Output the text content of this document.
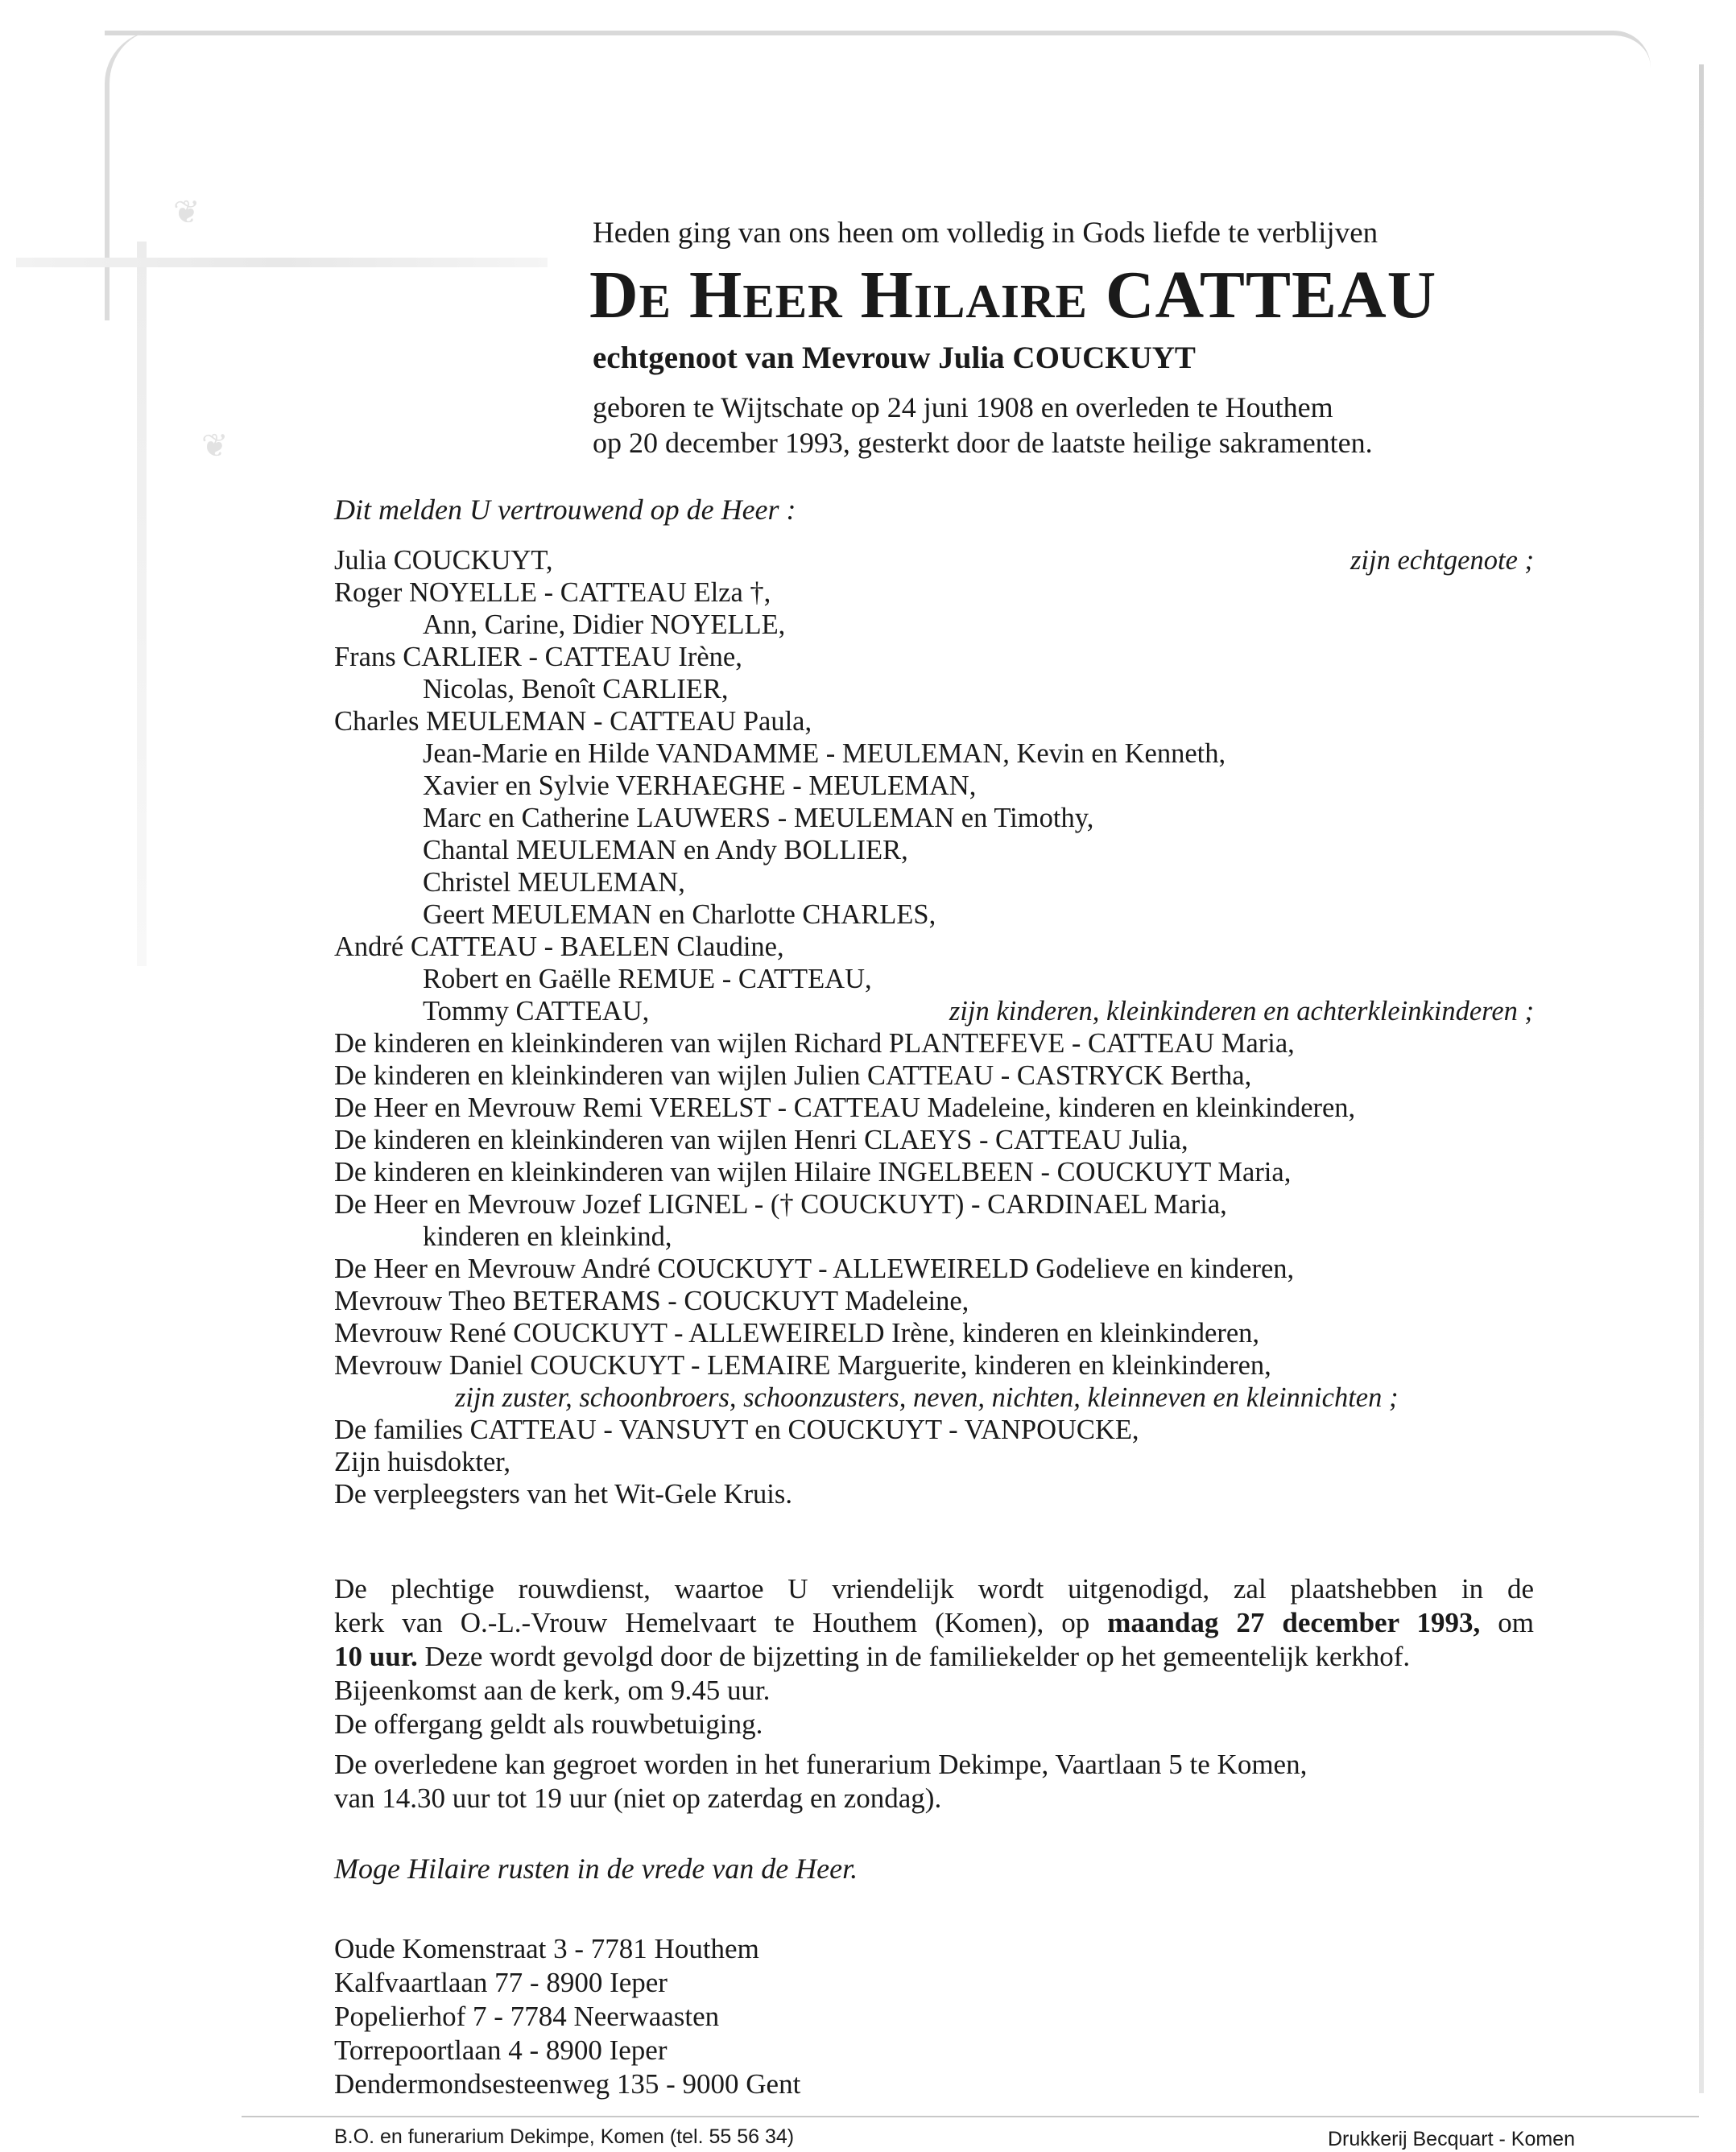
❦
❦
Heden ging van ons heen om volledig in Gods liefde te verblijven
De Heer Hilaire CATTEAU
echtgenoot van Mevrouw Julia COUCKUYT
geboren te Wijtschate op 24 juni 1908 en overleden te Houthem
op 20 december 1993, gesterkt door de laatste heilige sakramenten.
Dit melden U vertrouwend op de Heer :
Julia COUCKUYT,	zijn echtgenote ;
Roger NOYELLE - CATTEAU Elza †,
Ann, Carine, Didier NOYELLE,
Frans CARLIER - CATTEAU Irène,
Nicolas, Benoît CARLIER,
Charles MEULEMAN - CATTEAU Paula,
Jean-Marie en Hilde VANDAMME - MEULEMAN, Kevin en Kenneth,
Xavier en Sylvie VERHAEGHE - MEULEMAN,
Marc en Catherine LAUWERS - MEULEMAN en Timothy,
Chantal MEULEMAN en Andy BOLLIER,
Christel MEULEMAN,
Geert MEULEMAN en Charlotte CHARLES,
André CATTEAU - BAELEN Claudine,
Robert en Gaëlle REMUE - CATTEAU,
Tommy CATTEAU,	zijn kinderen, kleinkinderen en achterkleinkinderen ;
De kinderen en kleinkinderen van wijlen Richard PLANTEFEVE - CATTEAU Maria,
De kinderen en kleinkinderen van wijlen Julien CATTEAU - CASTRYCK Bertha,
De Heer en Mevrouw Remi VERELST - CATTEAU Madeleine, kinderen en kleinkinderen,
De kinderen en kleinkinderen van wijlen Henri CLAEYS - CATTEAU Julia,
De kinderen en kleinkinderen van wijlen Hilaire INGELBEEN - COUCKUYT Maria,
De Heer en Mevrouw Jozef LIGNEL - († COUCKUYT) - CARDINAEL Maria,
kinderen en kleinkind,
De Heer en Mevrouw André COUCKUYT - ALLEWEIRELD Godelieve en kinderen,
Mevrouw Theo BETERAMS - COUCKUYT Madeleine,
Mevrouw René COUCKUYT - ALLEWEIRELD Irène, kinderen en kleinkinderen,
Mevrouw Daniel COUCKUYT - LEMAIRE Marguerite, kinderen en kleinkinderen,
zijn zuster, schoonbroers, schoonzusters, neven, nichten, kleinneven en kleinnichten ;
De families CATTEAU - VANSUYT en COUCKUYT - VANPOUCKE,
Zijn huisdokter,
De verpleegsters van het Wit-Gele Kruis.
De plechtige rouwdienst, waartoe U vriendelijk wordt uitgenodigd, zal plaatshebben in de
kerk van O.-L.-Vrouw Hemelvaart te Houthem (Komen), op maandag 27 december 1993, om
10 uur. Deze wordt gevolgd door de bijzetting in de familiekelder op het gemeentelijk kerkhof.
Bijeenkomst aan de kerk, om 9.45 uur.
De offergang geldt als rouwbetuiging.
De overledene kan gegroet worden in het funerarium Dekimpe, Vaartlaan 5 te Komen,
van 14.30 uur tot 19 uur (niet op zaterdag en zondag).
Moge Hilaire rusten in de vrede van de Heer.
Oude Komenstraat 3 - 7781 Houthem
Kalfvaartlaan 77 - 8900 Ieper
Popelierhof 7 - 7784 Neerwaasten
Torrepoortlaan 4 - 8900 Ieper
Dendermondsesteenweg 135 - 9000 Gent
B.O. en funerarium Dekimpe, Komen (tel. 55 56 34)	Drukkerij Becquart - Komen
